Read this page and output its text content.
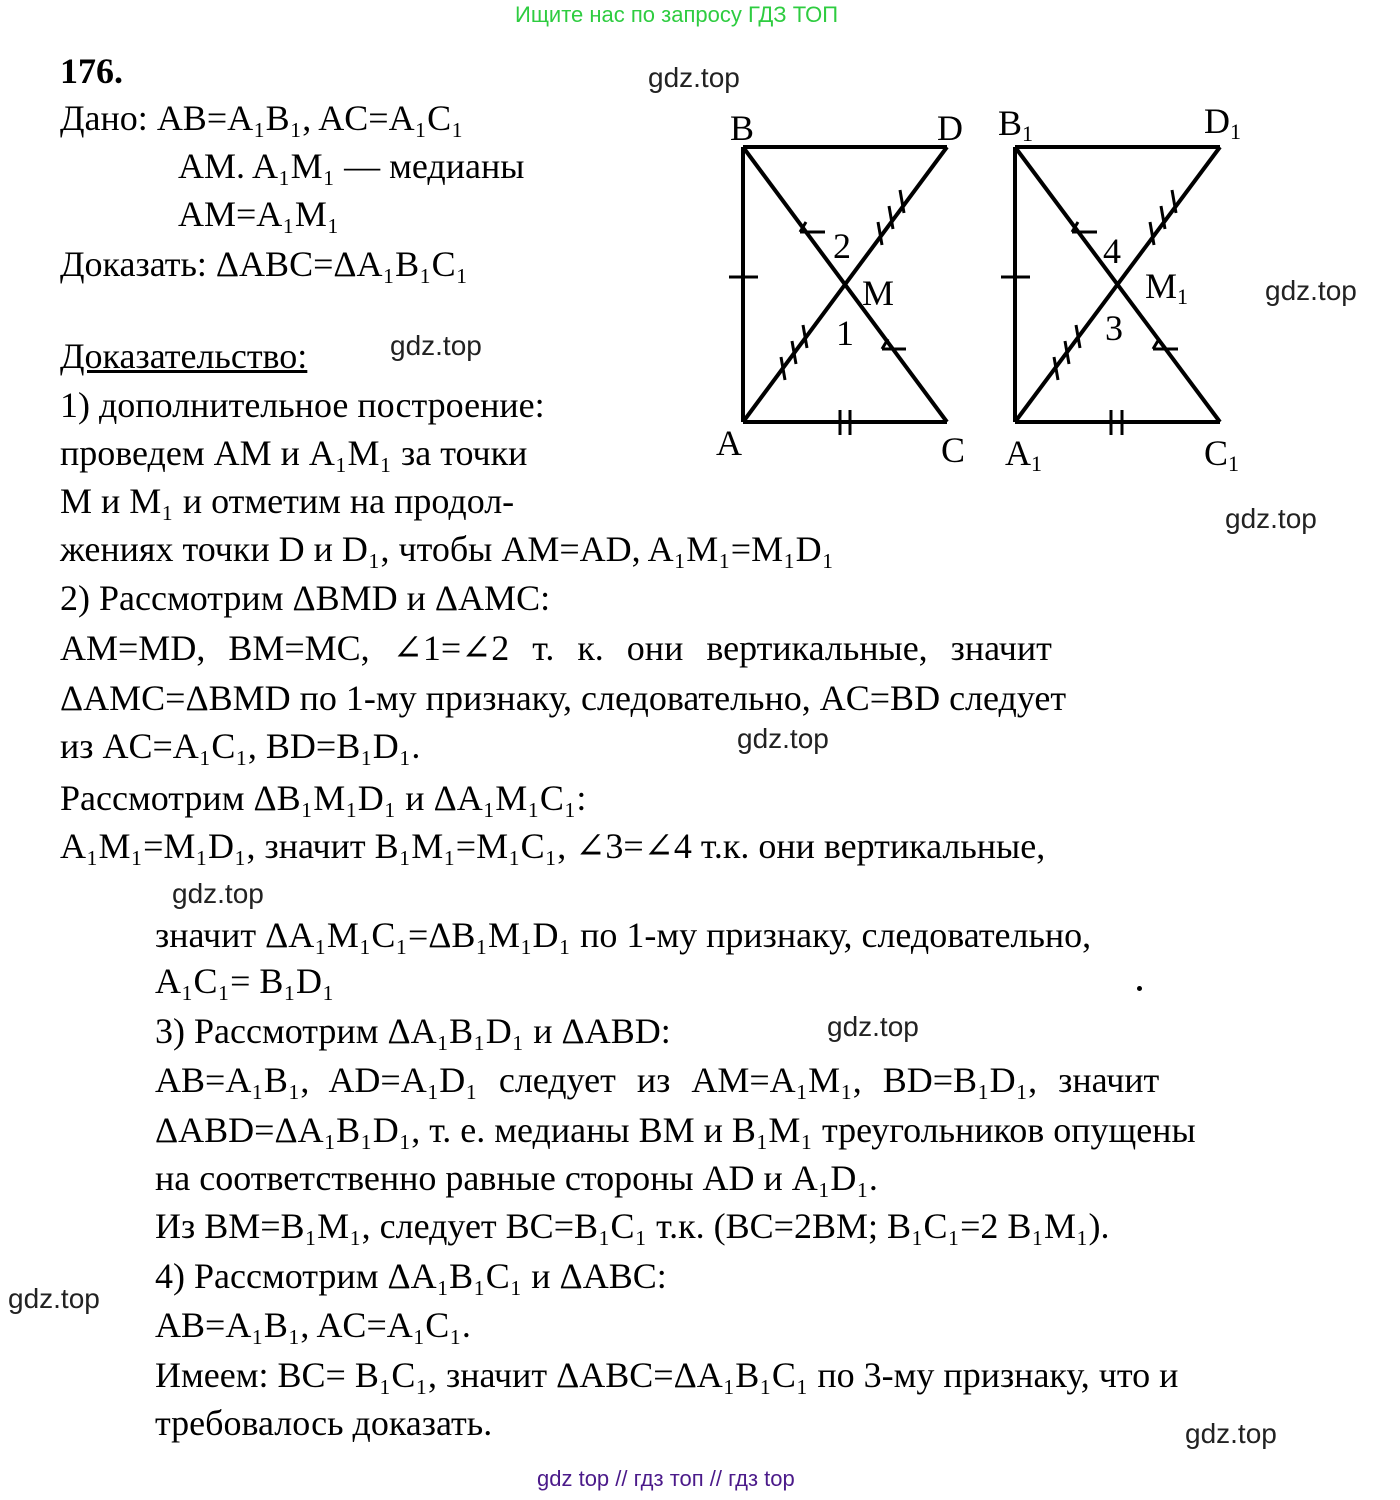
Ищите нас по запросу ГДЗ ТОП
176.	gdz.top
gdz.top
gdz.top
gdz.top
gdz.top
gdz.top
gdz.top
gdz.top
gdz.top
Дано: AB=A₁B₁, AC=A₁C₁
AM. A₁M₁ — медианы
AM=A₁M₁
Доказать: ΔABC=ΔA₁B₁C₁
Доказательство:
1) дополнительное построение:
проведем AM и A₁M₁ за точки
M и M₁ и отметим на продол-
жениях точки D и D₁, чтобы AM=AD, A₁M₁=M₁D₁
2) Рассмотрим ΔBMD и ΔAMC:
AM=MD, BM=MC, ∠1=∠2 т. к. они вертикальные, значит
ΔAMC=ΔBMD по 1-му признаку, следовательно, AC=BD следует
из AC=A₁C₁, BD=B₁D₁.
Рассмотрим ΔB₁M₁D₁ и ΔA₁M₁C₁:
A₁M₁=M₁D₁, значит B₁M₁=M₁C₁, ∠3=∠4 т.к. они вертикальные,
значит ΔA₁M₁C₁=ΔB₁M₁D₁ по 1-му признаку, следовательно,
A₁C₁= B₁D₁
3) Рассмотрим ΔA₁B₁D₁ и ΔABD:
AB=A₁B₁, AD=A₁D₁ следует из AM=A₁M₁, BD=B₁D₁, значит
ΔABD=ΔA₁B₁D₁, т. е. медианы BM и B₁M₁ треугольников опущены
на соответственно равные стороны AD и A₁D₁.
Из BM=B₁M₁, следует BC=B₁C₁ т.к. (BC=2BM; B₁C₁=2 B₁M₁).
4) Рассмотрим ΔA₁B₁C₁ и ΔABC:
AB=A₁B₁, AC=A₁C₁.
Имеем: BC= B₁C₁, значит ΔABC=ΔA₁B₁C₁ по 3-му признаку, что и
требовалось доказать.
gdz top // гдз топ // гдз top
B	D
A	C
M
2
1
B1	D1
A1	C1
M1
4
3
